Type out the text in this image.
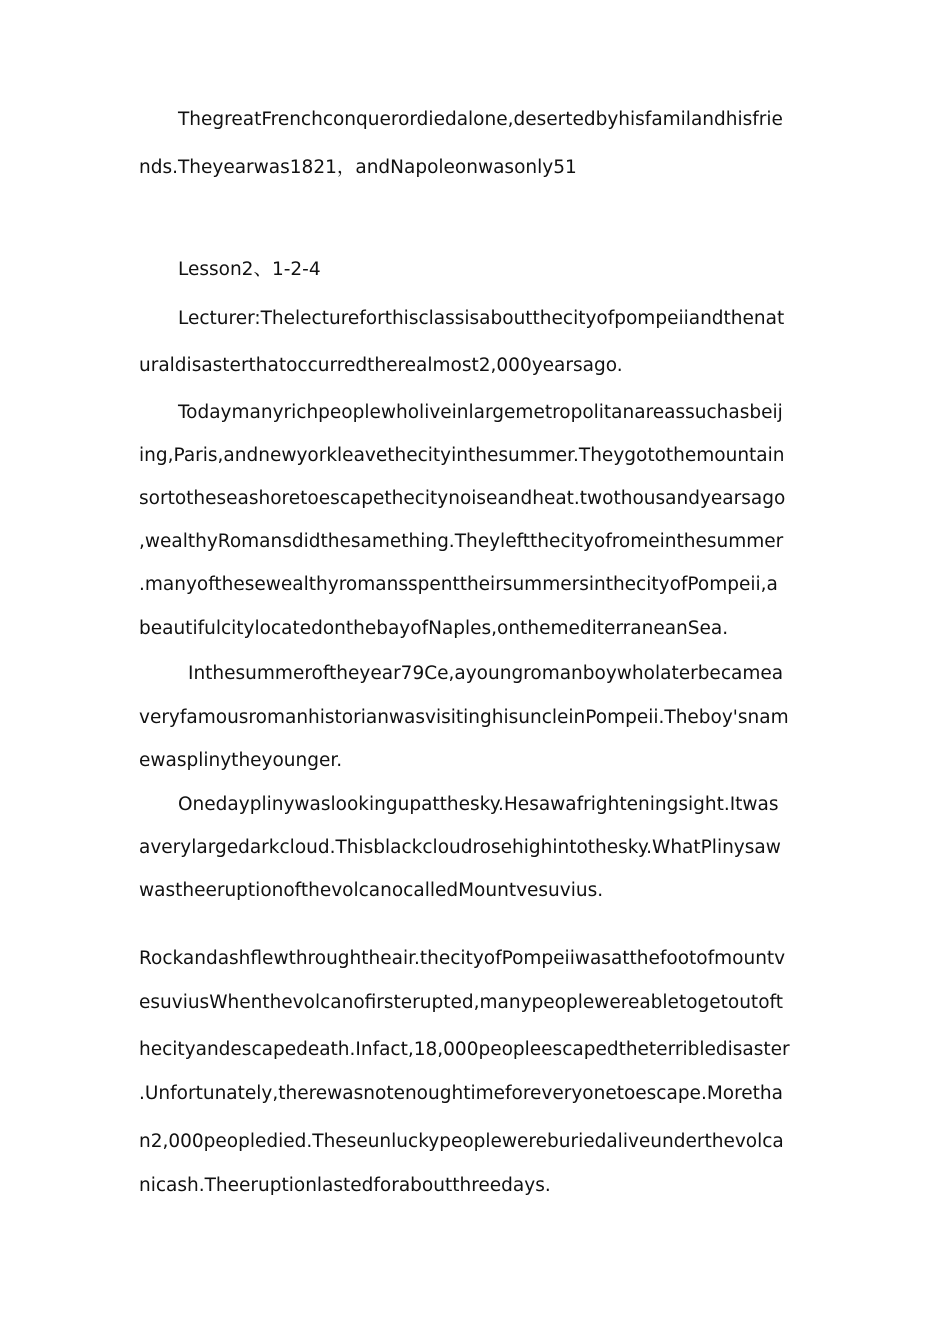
ThegreatFrenchconquerordiedalone,desertedbyhisfamilandhisfrie
nds.Theyearwas1821，andNapoleonwasonly51
Lesson2、1-2-4
Lecturer:Thelectureforthisclassisaboutthecityofpompeiiandthenat
uraldisasterthatoccurredtherealmost2,000yearsago.
Todaymanyrichpeoplewholiveinlargemetropolitanareassuchasbeij
ing,Paris,andnewyorkleavethecityinthesummer.Theygotothemountain
sortotheseashoretoescapethecitynoiseandheat.twothousandyearsago
,wealthyRomansdidthesamething.Theyleftthecityofromeinthesummer
.manyofthesewealthyromansspenttheirsummersinthecityofPompeii,a
beautifulcitylocatedonthebayofNaples,onthemediterraneanSea.
Inthesummeroftheyear79Ce,ayoungromanboywholaterbecamea
veryfamousromanhistorianwasvisitinghisuncleinPompeii.Theboy'snam
ewasplinytheyounger.
Onedayplinywaslookingupatthesky.Hesawafrighteningsight.Itwas
averylargedarkcloud.Thisblackcloudrosehighintothesky.WhatPlinysaw
wastheeruptionofthevolcanocalledMountvesuvius.
Rockandashflewthroughtheair.thecityofPompeiiwasatthefootofmountv
esuviusWhenthevolcanofirsterupted,manypeoplewereabletogetoutoft
hecityandescapedeath.Infact,18,000peopleescapedtheterribledisaster
.Unfortunately,therewasnotenoughtimeforeveryonetoescape.Moretha
n2,000peopledied.Theseunluckypeoplewereburiedaliveunderthevolca
nicash.Theeruptionlastedforaboutthreedays.
